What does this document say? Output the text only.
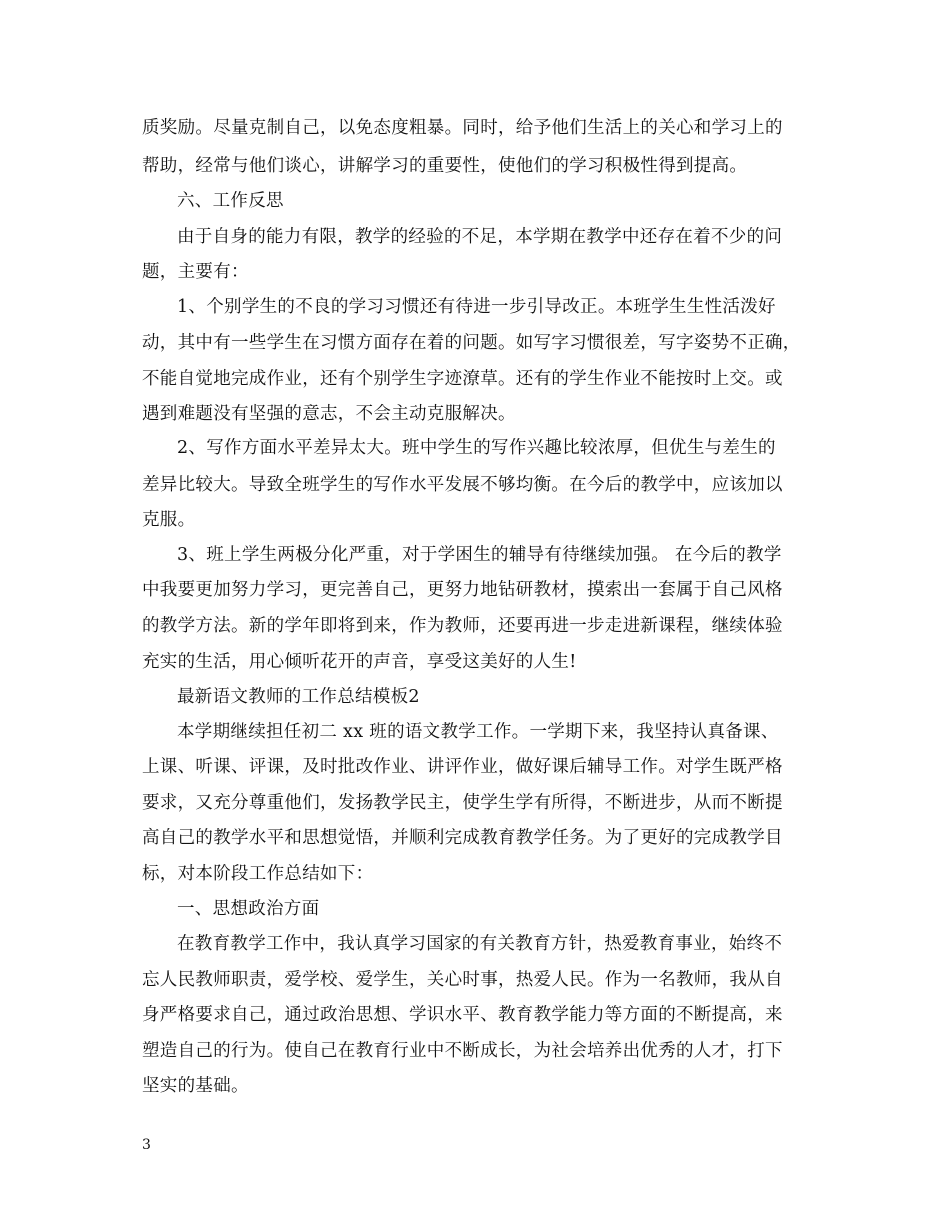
质奖励。尽量克制自己，以免态度粗暴。同时，给予他们生活上的关心和学习上的
帮助，经常与他们谈心，讲解学习的重要性，使他们的学习积极性得到提高。
六、工作反思
由于自身的能力有限，教学的经验的不足，本学期在教学中还存在着不少的问
题，主要有：
1、个别学生的不良的学习习惯还有待进一步引导改正。本班学生生性活泼好
动，其中有一些学生在习惯方面存在着的问题。如写字习惯很差，写字姿势不正确，
不能自觉地完成作业，还有个别学生字迹潦草。还有的学生作业不能按时上交。或
遇到难题没有坚强的意志，不会主动克服解决。
2、写作方面水平差异太大。班中学生的写作兴趣比较浓厚，但优生与差生的
差异比较大。导致全班学生的写作水平发展不够均衡。在今后的教学中，应该加以
克服。
3、班上学生两极分化严重，对于学困生的辅导有待继续加强。 在今后的教学
中我要更加努力学习，更完善自己，更努力地钻研教材，摸索出一套属于自己风格
的教学方法。新的学年即将到来，作为教师，还要再进一步走进新课程，继续体验
充实的生活，用心倾听花开的声音，享受这美好的人生!
最新语文教师的工作总结模板2
本学期继续担任初二 xx 班的语文教学工作。一学期下来，我坚持认真备课、
上课、听课、评课，及时批改作业、讲评作业，做好课后辅导工作。对学生既严格
要求，又充分尊重他们，发扬教学民主，使学生学有所得，不断进步，从而不断提
高自己的教学水平和思想觉悟，并顺利完成教育教学任务。为了更好的完成教学目
标，对本阶段工作总结如下：
一、思想政治方面
在教育教学工作中，我认真学习国家的有关教育方针，热爱教育事业，始终不
忘人民教师职责，爱学校、爱学生，关心时事，热爱人民。作为一名教师，我从自
身严格要求自己，通过政治思想、学识水平、教育教学能力等方面的不断提高，来
塑造自己的行为。使自己在教育行业中不断成长，为社会培养出优秀的人才，打下
坚实的基础。
3
